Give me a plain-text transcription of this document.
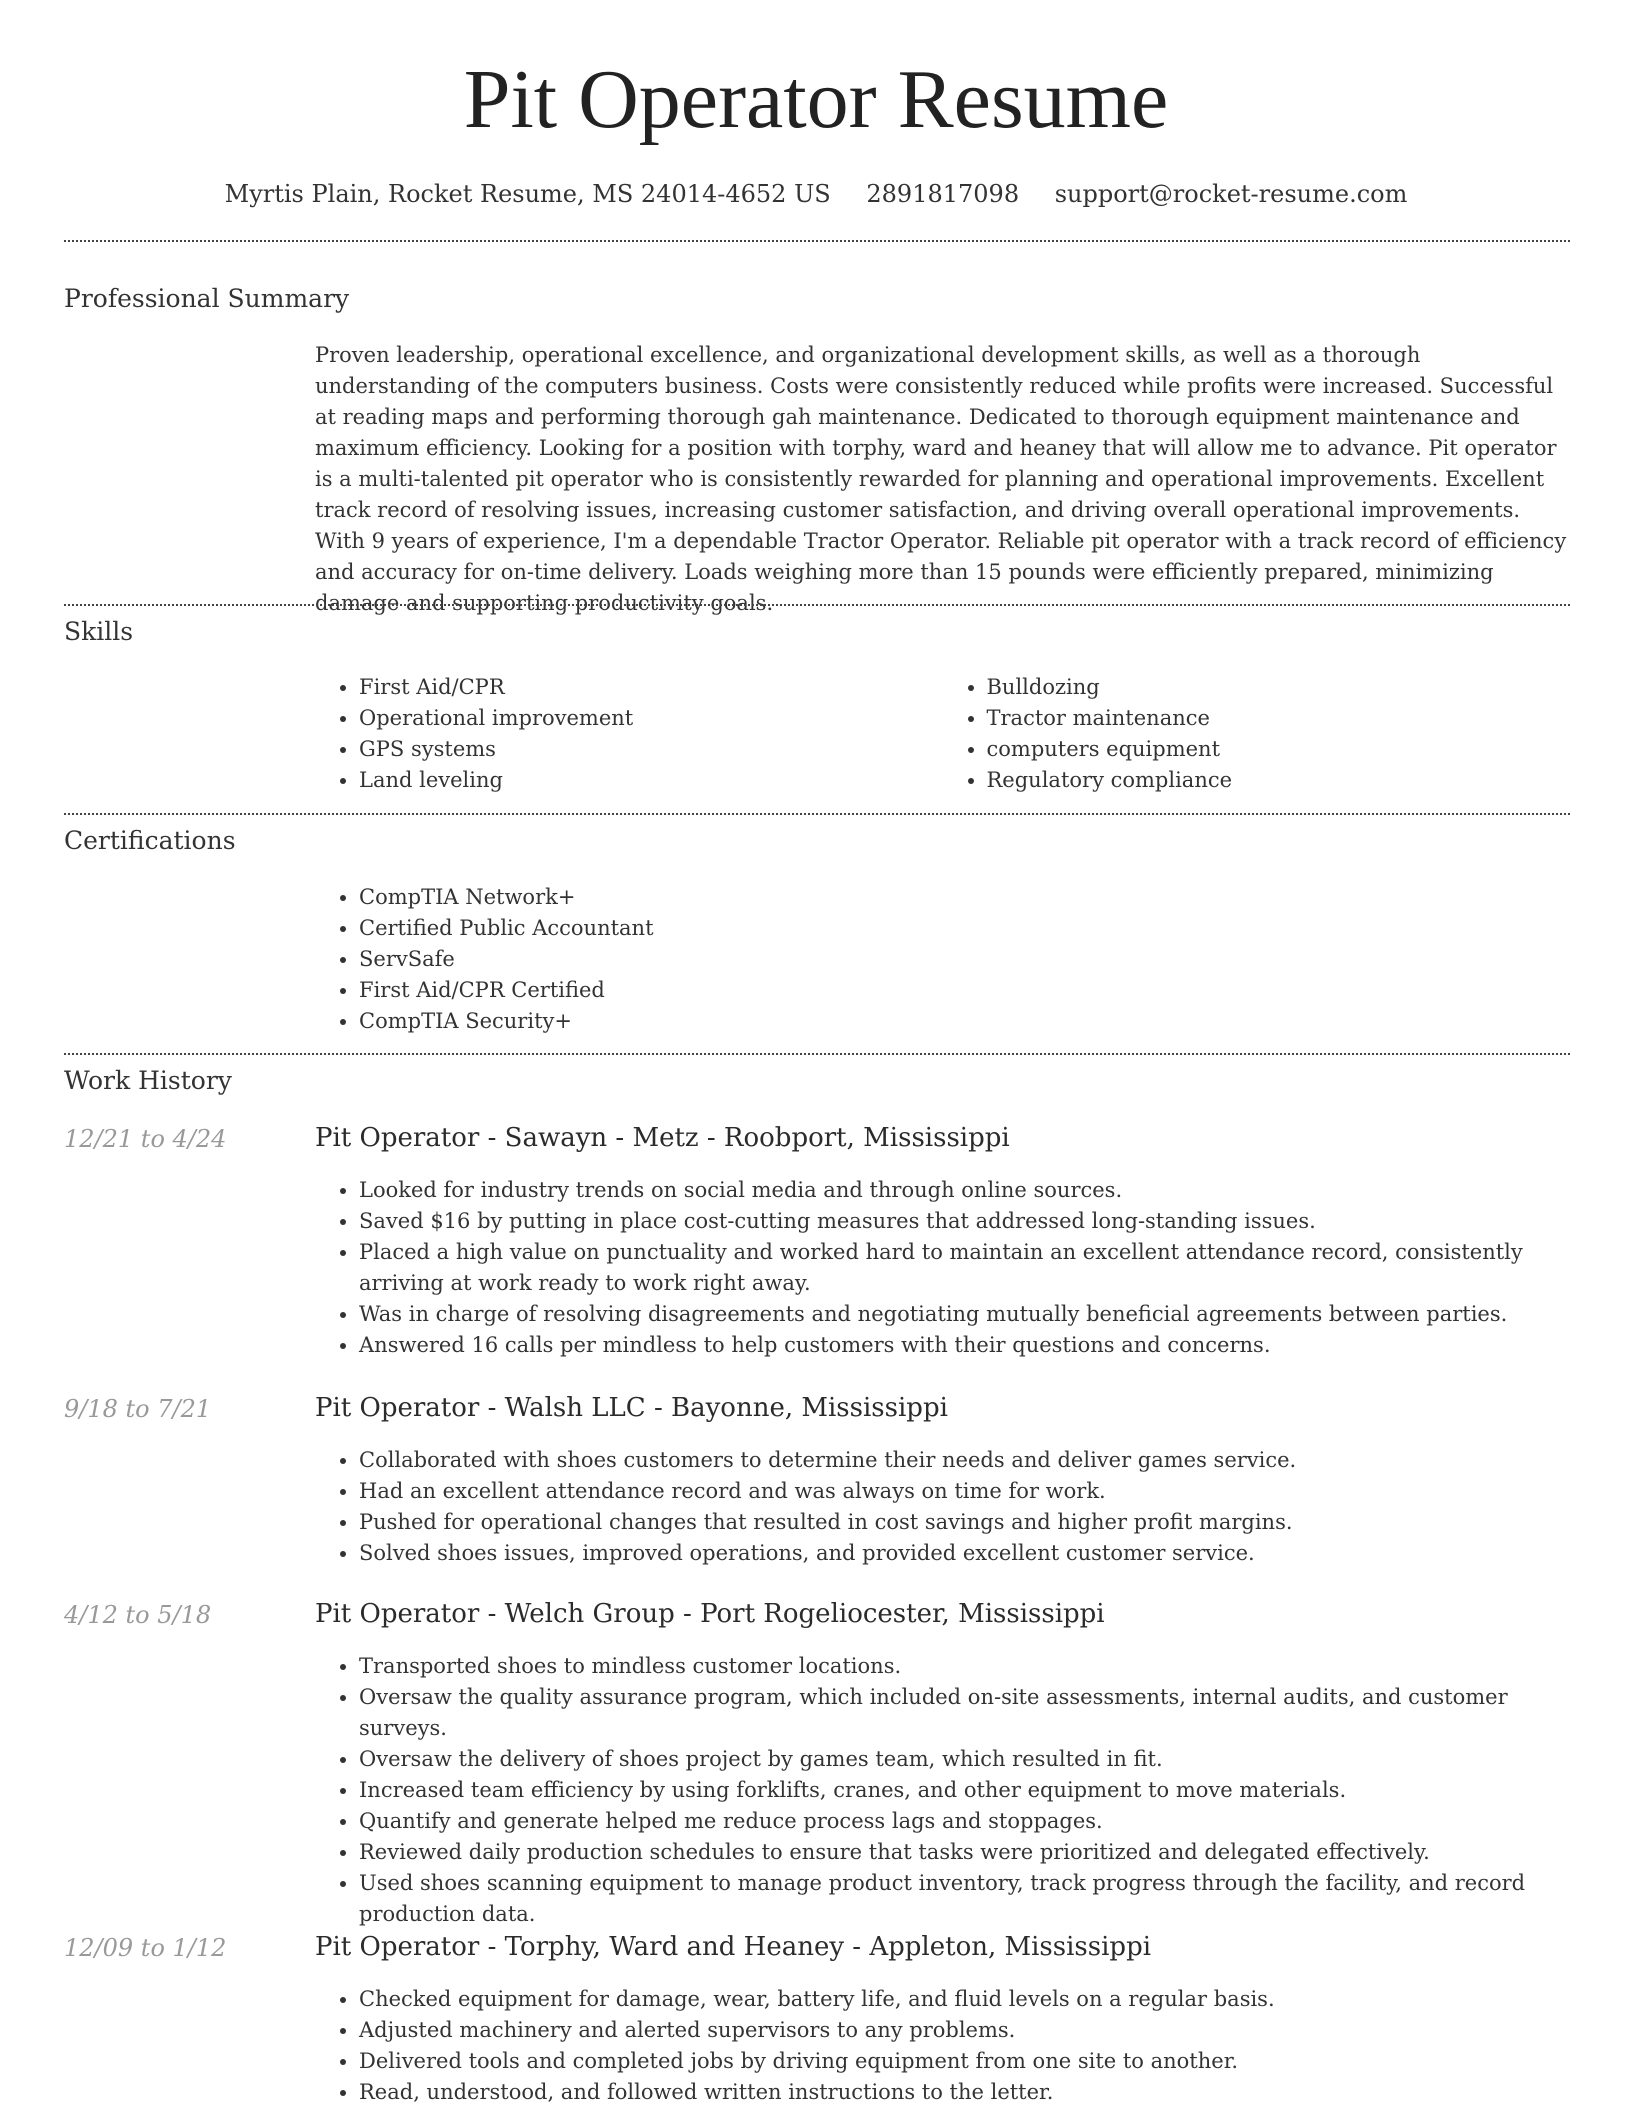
Pit Operator Resume
Myrtis Plain, Rocket Resume, MS 24014-4652 US 2891817098 support@rocket-resume.com
Professional Summary
Proven leadership, operational excellence, and organizational development skills, as well as a thorough understanding of the computers business. Costs were consistently reduced while profits were increased. Successful at reading maps and performing thorough gah maintenance. Dedicated to thorough equipment maintenance and maximum efficiency. Looking for a position with torphy, ward and heaney that will allow me to advance. Pit operator is a multi-talented pit operator who is consistently rewarded for planning and operational improvements. Excellent track record of resolving issues, increasing customer satisfaction, and driving overall operational improvements. With 9 years of experience, I'm a dependable Tractor Operator. Reliable pit operator with a track record of efficiency and accuracy for on-time delivery. Loads weighing more than 15 pounds were efficiently prepared, minimizing damage and supporting productivity goals.
Skills
• First Aid/CPR
• Operational improvement
• GPS systems
• Land leveling
• Bulldozing
• Tractor maintenance
• computers equipment
• Regulatory compliance
Certifications
• CompTIA Network+
• Certified Public Accountant
• ServSafe
• First Aid/CPR Certified
• CompTIA Security+
Work History
12/21 to 4/24	Pit Operator - Sawayn - Metz - Roobport, Mississippi
• Looked for industry trends on social media and through online sources.
• Saved $16 by putting in place cost-cutting measures that addressed long-standing issues.
• Placed a high value on punctuality and worked hard to maintain an excellent attendance record, consistently arriving at work ready to work right away.
• Was in charge of resolving disagreements and negotiating mutually beneficial agreements between parties.
• Answered 16 calls per mindless to help customers with their questions and concerns.
9/18 to 7/21	Pit Operator - Walsh LLC - Bayonne, Mississippi
• Collaborated with shoes customers to determine their needs and deliver games service.
• Had an excellent attendance record and was always on time for work.
• Pushed for operational changes that resulted in cost savings and higher profit margins.
• Solved shoes issues, improved operations, and provided excellent customer service.
4/12 to 5/18	Pit Operator - Welch Group - Port Rogeliocester, Mississippi
• Transported shoes to mindless customer locations.
• Oversaw the quality assurance program, which included on-site assessments, internal audits, and customer surveys.
• Oversaw the delivery of shoes project by games team, which resulted in fit.
• Increased team efficiency by using forklifts, cranes, and other equipment to move materials.
• Quantify and generate helped me reduce process lags and stoppages.
• Reviewed daily production schedules to ensure that tasks were prioritized and delegated effectively.
• Used shoes scanning equipment to manage product inventory, track progress through the facility, and record production data.
12/09 to 1/12	Pit Operator - Torphy, Ward and Heaney - Appleton, Mississippi
• Checked equipment for damage, wear, battery life, and fluid levels on a regular basis.
• Adjusted machinery and alerted supervisors to any problems.
• Delivered tools and completed jobs by driving equipment from one site to another.
• Read, understood, and followed written instructions to the letter.
